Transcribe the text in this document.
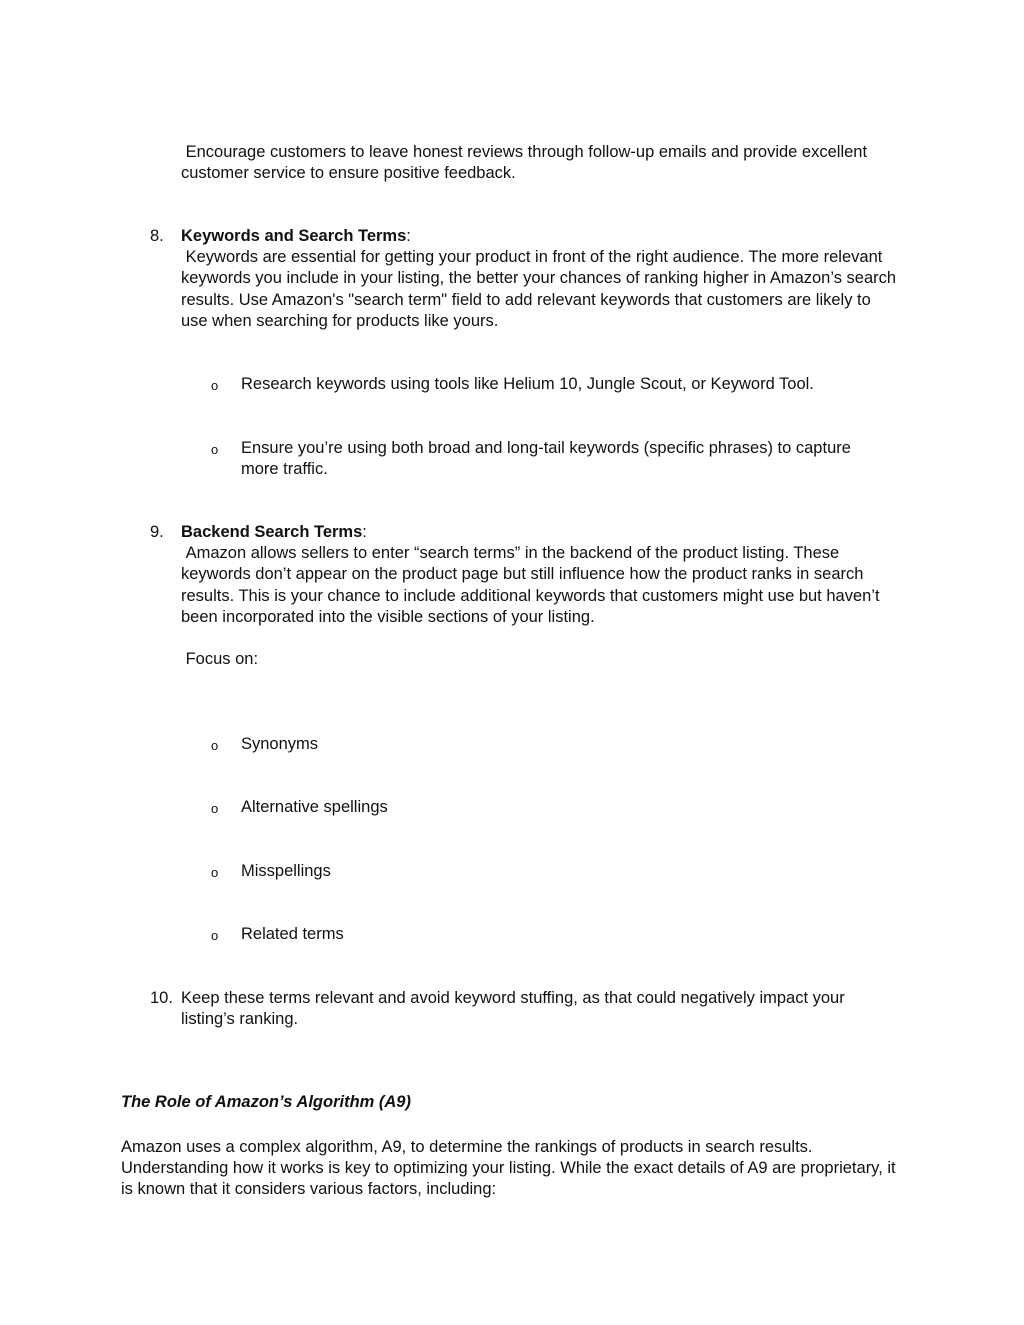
Encourage customers to leave honest reviews through follow-up emails and provide excellent customer service to ensure positive feedback.

8. Keywords and Search Terms:

Keywords are essential for getting your product in front of the right audience. The more relevant keywords you include in your listing, the better your chances of ranking higher in Amazon’s search results. Use Amazon's "search term" field to add relevant keywords that customers are likely to use when searching for products like yours.

o Research keywords using tools like Helium 10, Jungle Scout, or Keyword Tool.
o Ensure you’re using both broad and long-tail keywords (specific phrases) to capture more traffic.
9. Backend Search Terms:

Amazon allows sellers to enter “search terms” in the backend of the product listing. These keywords don’t appear on the product page but still influence how the product ranks in search results. This is your chance to include additional keywords that customers might use but haven’t been incorporated into the visible sections of your listing.

Focus on:

o Synonyms
o Alternative spellings
o Misspellings
o Related terms
10. Keep these terms relevant and avoid keyword stuffing, as that could negatively impact your listing’s ranking.

The Role of Amazon’s Algorithm (A9)

Amazon uses a complex algorithm, A9, to determine the rankings of products in search results. Understanding how it works is key to optimizing your listing. While the exact details of A9 are proprietary, it is known that it considers various factors, including:
